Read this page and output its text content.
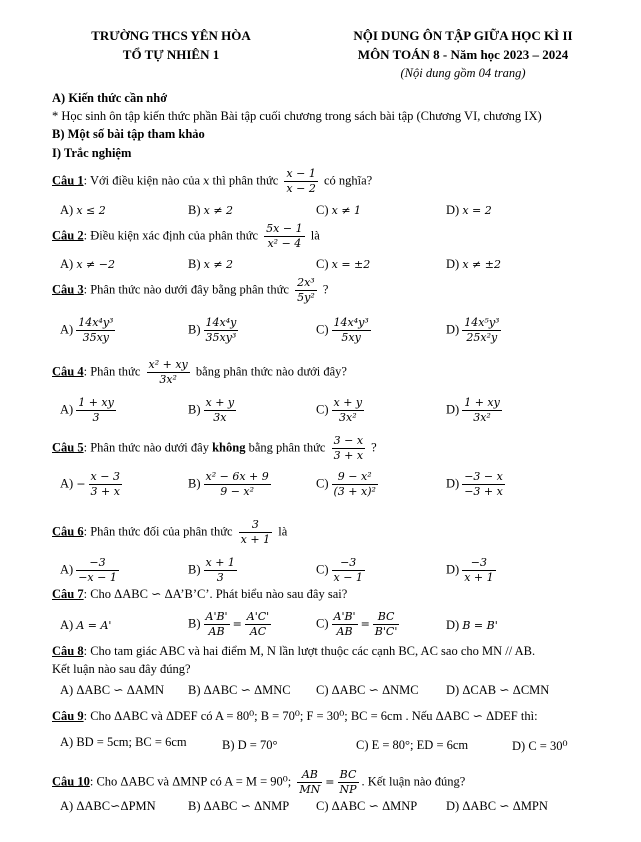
TRƯỜNG THCS YÊN HÒA
TỔ TỰ NHIÊN 1
NỘI DUNG ÔN TẬP GIỮA HỌC KÌ II
MÔN TOÁN 8 - Năm học 2023 – 2024
(Nội dung gồm 04 trang)
A) Kiến thức cần nhớ
* Học sinh ôn tập kiến thức phần Bài tập cuối chương trong sách bài tập (Chương VI, chương IX)
B) Một số bài tập tham khảo
I) Trắc nghiệm
Câu 1: Với điều kiện nào của x thì phân thức $\frac{x - 1}{x - 2}$ có nghĩa?
A) x ≤ 2	B) x ≠ 2	C) x ≠ 1	D) x = 2
Câu 2: Điều kiện xác định của phân thức $\frac{5x - 1}{\text{x² − 4}}$ là
A) x ≠ −2	B) x ≠ 2	C) x = ±2	D) x ≠ ±2
Câu 3: Phân thức nào dưới đây bằng phân thức $\frac{\text{2x³}}{\text{5y²}}$ ?
$A) \frac{\text{14x⁴y³}}{35xy}$	$B) \frac{\text{14x⁴y}}{\text{35xy³}}$	$C) \frac{\text{14x⁴y³}}{5xy}$	$D) \frac{\text{14x⁵y³}}{\text{25x²y}}$
Câu 4: Phân thức $\frac{\text{x² + xy}}{\text{3x²}}$ bằng phân thức nào dưới đây?
$A) \frac{1 + xy}{3}$	$B) \frac{x + y}{3x}$	$C) \frac{x + y}{\text{3x²}}$	$D) \frac{1 + xy}{\text{3x²}}$
Câu 5: Phân thức nào dưới đây không bằng phân thức $\frac{3 - x}{3 + x}$ ?
$A) - \frac{x - 3}{3 + x}$	$B) \frac{\text{x² − 6x + 9}}{\text{9 − x²}}$	$C) \frac{\text{9 − x²}}{\text{(3 + x)²}}$	$D) \frac{-3 - x}{-3 + x}$
Câu 6: Phân thức đối của phân thức $\frac{3}{x + 1}$ là
$A) \frac{-3}{-x - 1}$	$B) \frac{x + 1}{3}$	$C) \frac{-3}{x - 1}$	$D) \frac{-3}{x + 1}$
Câu 7: Cho ΔABC ∽ ΔA’B’C’. Phát biểu nào sau đây sai?
A) A = A'	$B) \frac{A'B'}{AB} = \frac{A'C'}{AC}$	$C) \frac{A'B'}{AB} = \frac{BC}{B'C'}$	D) B = B'
Câu 8: Cho tam giác ABC và hai điểm M, N lần lượt thuộc các cạnh BC, AC sao cho MN // AB.
Kết luận nào sau đây đúng?
A) ΔABC ∽ ΔAMN B) ΔABC ∽ ΔMNC C) ΔABC ∽ ΔNMC D) ΔCAB ∽ ΔCMN
Câu 9: Cho ΔABC và ΔDEF có A = 80⁰; B = 70⁰; F = 30⁰; BC = 6cm . Nếu ΔABC ∽ ΔDEF thì:
A) BD = 5cm; BC = 6cm	B) D = 70°	C) E = 80°; ED = 6cm	D) C = 30⁰
Câu 10: Cho ΔABC và ΔMNP có A = M = 90⁰; $\frac{AB}{MN} = \frac{BC}{NP}$ . Kết luận nào đúng?
A) ΔABC∽ΔPMN	B) ΔABC ∽ ΔNMP C) ΔABC ∽ ΔMNP D) ΔABC ∽ ΔMPN
